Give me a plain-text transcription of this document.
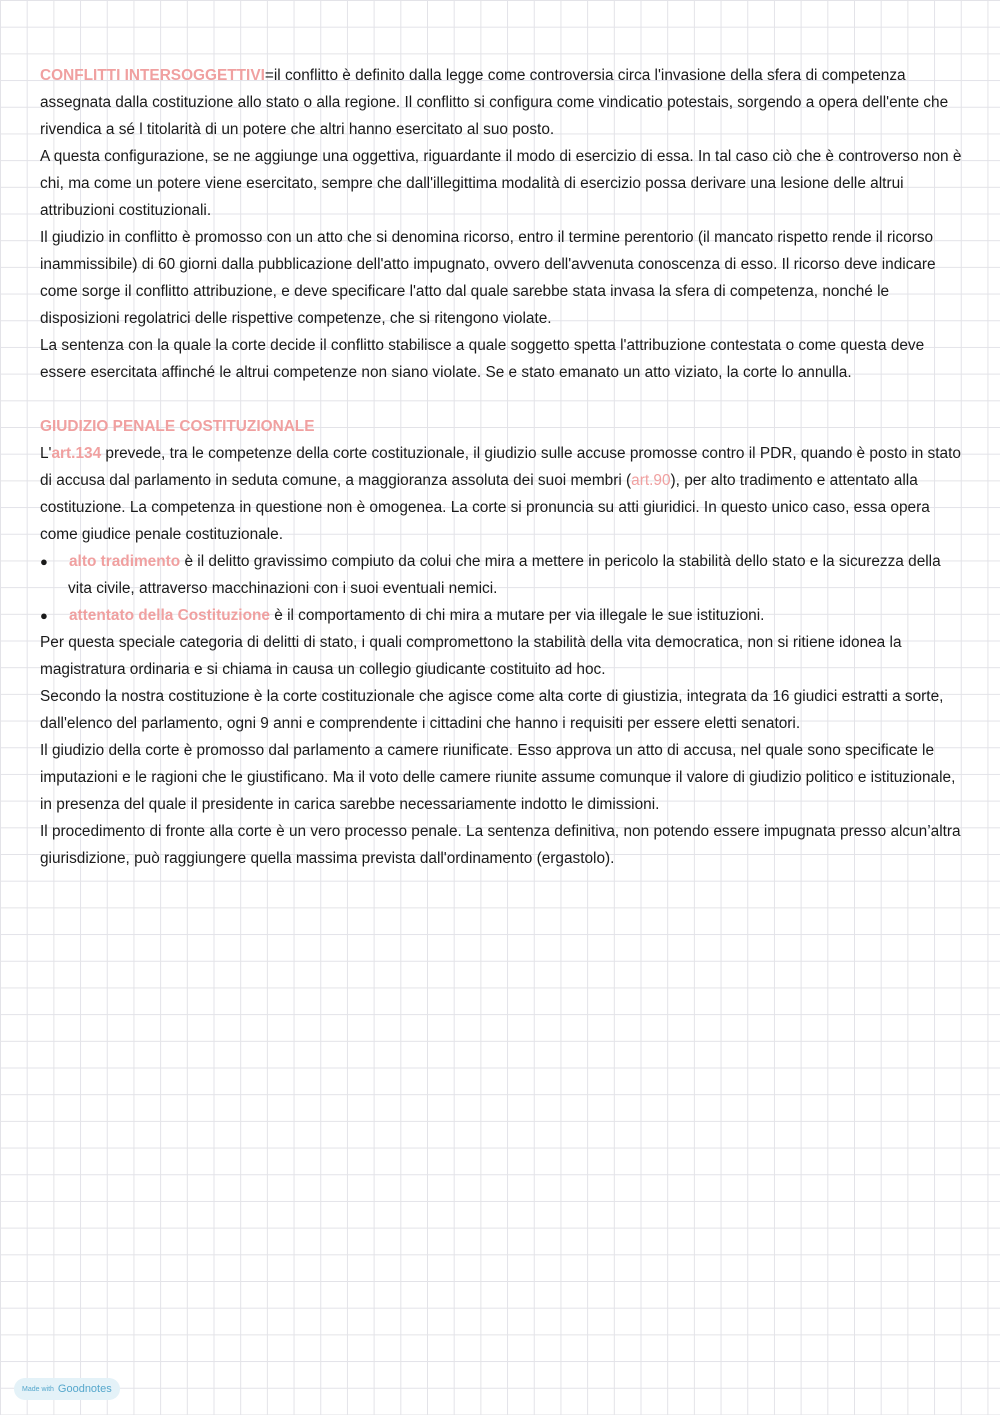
CONFLITTI INTERSOGGETTIVI=il conflitto è definito dalla legge come controversia circa l'invasione della sfera di competenza assegnata dalla costituzione allo stato o alla regione. Il conflitto si configura come vindicatio potestais, sorgendo a opera dell'ente che rivendica a sé l titolarità di un potere che altri hanno esercitato al suo posto.

A questa configurazione, se ne aggiunge una oggettiva, riguardante il modo di esercizio di essa. In tal caso ciò che è controverso non è chi, ma come un potere viene esercitato, sempre che dall'illegittima modalità di esercizio possa derivare una lesione delle altrui attribuzioni costituzionali.

Il giudizio in conflitto è promosso con un atto che si denomina ricorso, entro il termine perentorio (il mancato rispetto rende il ricorso inammissibile) di 60 giorni dalla pubblicazione dell'atto impugnato, ovvero dell'avvenuta conoscenza di esso. Il ricorso deve indicare come sorge il conflitto attribuzione, e deve specificare l'atto dal quale sarebbe stata invasa la sfera di competenza, nonché le disposizioni regolatrici delle rispettive competenze, che si ritengono violate.

La sentenza con la quale la corte decide il conflitto stabilisce a quale soggetto spetta l'attribuzione contestata o come questa deve essere esercitata affinché le altrui competenze non siano violate. Se e stato emanato un atto viziato, la corte lo annulla.

GIUDIZIO PENALE COSTITUZIONALE

L'art.134 prevede, tra le competenze della corte costituzionale, il giudizio sulle accuse promosse contro il PDR, quando è posto in stato di accusa dal parlamento in seduta comune, a maggioranza assoluta dei suoi membri (art.90), per alto tradimento e attentato alla costituzione. La competenza in questione non è omogenea. La corte si pronuncia su atti giuridici. In questo unico caso, essa opera come giudice penale costituzionale.

● alto tradimento è il delitto gravissimo compiuto da colui che mira a mettere in pericolo la stabilità dello stato e la sicurezza della vita civile, attraverso macchinazioni con i suoi eventuali nemici.
● attentato della Costituzione è il comportamento di chi mira a mutare per via illegale le sue istituzioni.

Per questa speciale categoria di delitti di stato, i quali compromettono la stabilità della vita democratica, non si ritiene idonea la magistratura ordinaria e si chiama in causa un collegio giudicante costituito ad hoc.

Secondo la nostra costituzione è la corte costituzionale che agisce come alta corte di giustizia, integrata da 16 giudici estratti a sorte, dall'elenco del parlamento, ogni 9 anni e comprendente i cittadini che hanno i requisiti per essere eletti senatori.

Il giudizio della corte è promosso dal parlamento a camere riunificate. Esso approva un atto di accusa, nel quale sono specificate le imputazioni e le ragioni che le giustificano. Ma il voto delle camere riunite assume comunque il valore di giudizio politico e istituzionale, in presenza del quale il presidente in carica sarebbe necessariamente indotto le dimissioni.

Il procedimento di fronte alla corte è un vero processo penale. La sentenza definitiva, non potendo essere impugnata presso alcun’altra giurisdizione, può raggiungere quella massima prevista dall'ordinamento (ergastolo).

Made with Goodnotes
